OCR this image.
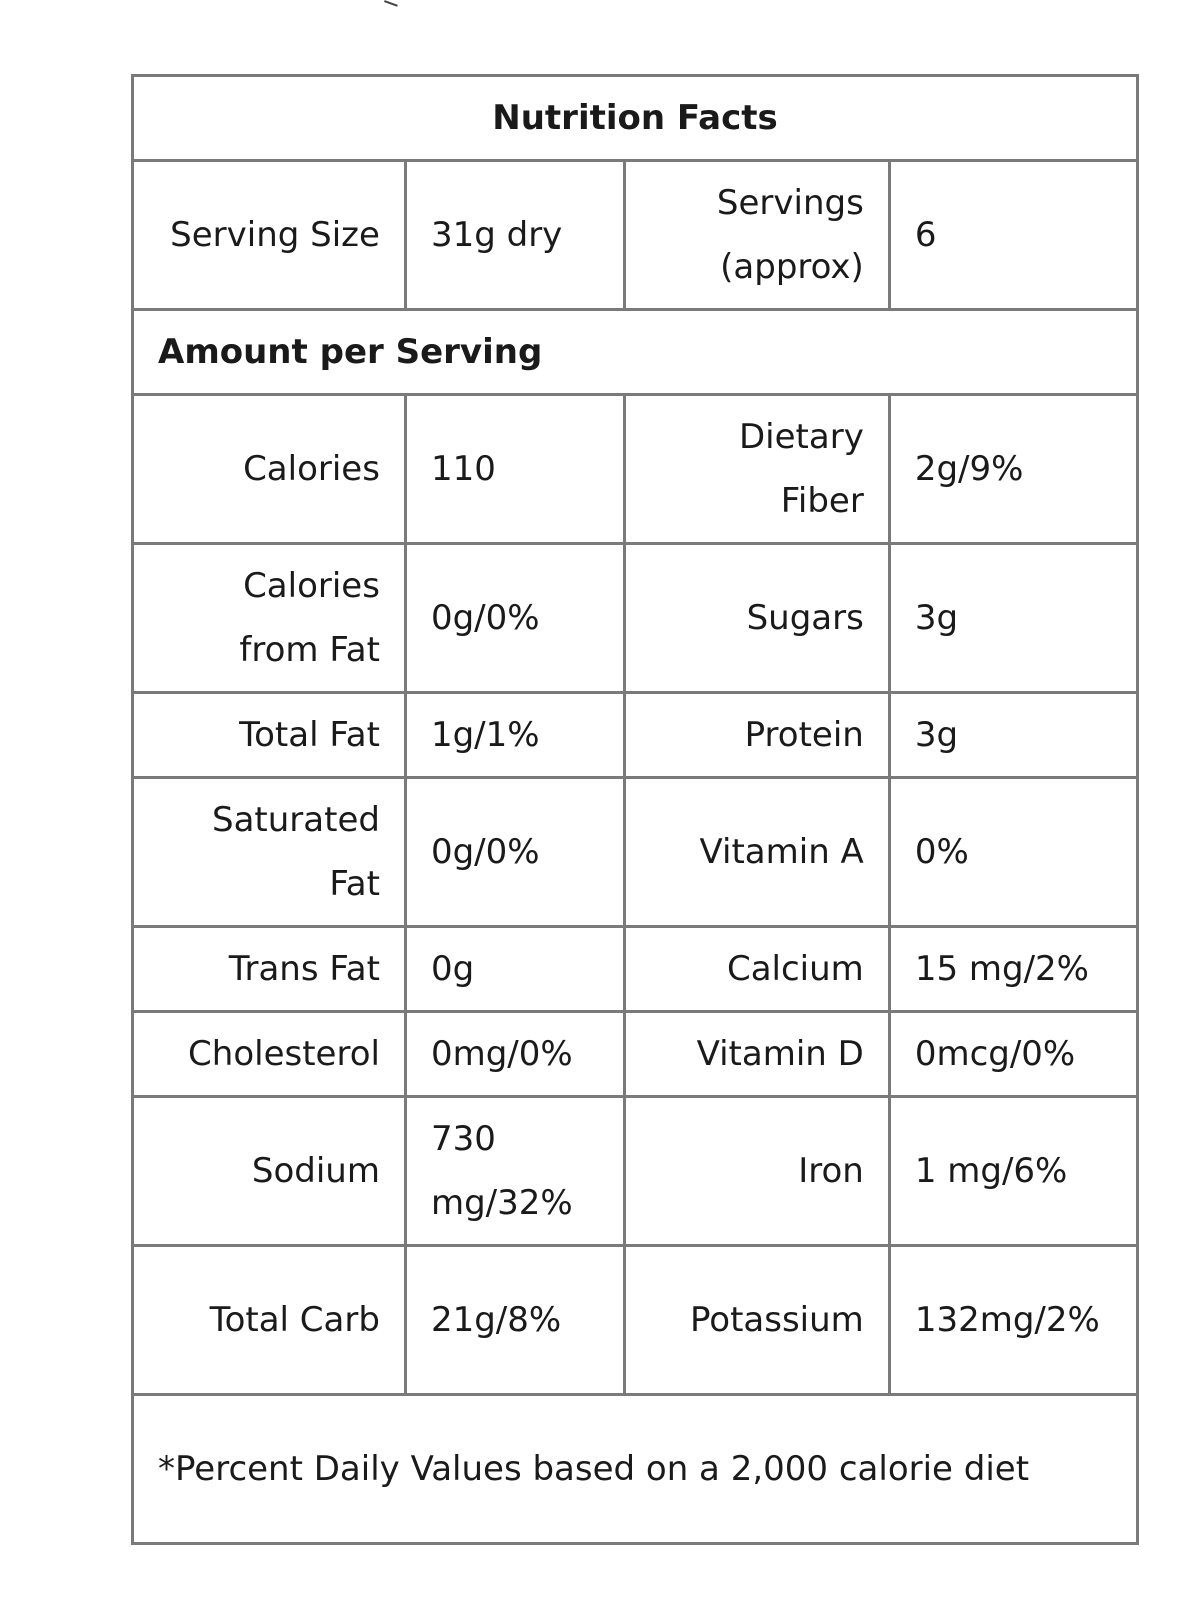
Nutrition Facts			
Serving Size	31g dry	Servings (approx)	6
Amount per Serving			
Calories	110	Dietary Fiber	2g/9%
Calories from Fat	0g/0%	Sugars	3g
Total Fat	1g/1%	Protein	3g
Saturated Fat	0g/0%	Vitamin A	0%
Trans Fat	0g	Calcium	15 mg/2%
Cholesterol	0mg/0%	Vitamin D	0mcg/0%
Sodium	730 mg/32%	Iron	1 mg/6%
Total Carb	21g/8%	Potassium	132mg/2%
*Percent Daily Values based on a 2,000 calorie diet			
